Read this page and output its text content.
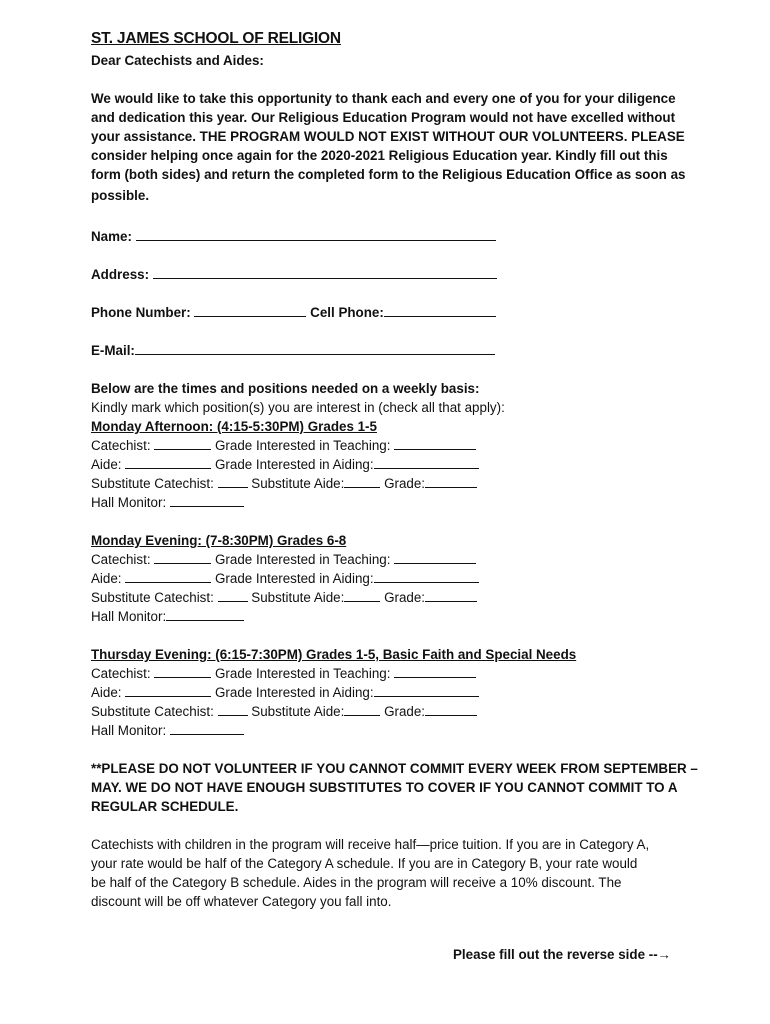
ST. JAMES SCHOOL OF RELIGION
Dear Catechists and Aides:
We would like to take this opportunity to thank each and every one of you for your diligence
and dedication this year. Our Religious Education Program would not have excelled without
your assistance. THE PROGRAM WOULD NOT EXIST WITHOUT OUR VOLUNTEERS. PLEASE
consider helping once again for the 2020-2021 Religious Education year. Kindly fill out this
form (both sides) and return the completed form to the Religious Education Office as soon as
possible.
Name:
Address:
Phone Number:	Cell Phone:
E-Mail:
Below are the times and positions needed on a weekly basis:
Kindly mark which position(s) you are interest in (check all that apply):
Monday Afternoon: (4:15-5:30PM) Grades 1-5
Catechist:	Grade Interested in Teaching:
Aide:	Grade Interested in Aiding:
Substitute Catechist:	Substitute Aide:	Grade:
Hall Monitor:
Monday Evening: (7-8:30PM) Grades 6-8
Catechist:	Grade Interested in Teaching:
Aide:	Grade Interested in Aiding:
Substitute Catechist:	Substitute Aide:	Grade:
Hall Monitor:
Thursday Evening: (6:15-7:30PM) Grades 1-5, Basic Faith and Special Needs
Catechist:	Grade Interested in Teaching:
Aide:	Grade Interested in Aiding:
Substitute Catechist:	Substitute Aide:	Grade:
Hall Monitor:
**PLEASE DO NOT VOLUNTEER IF YOU CANNOT COMMIT EVERY WEEK FROM SEPTEMBER –
MAY. WE DO NOT HAVE ENOUGH SUBSTITUTES TO COVER IF YOU CANNOT COMMIT TO A
REGULAR SCHEDULE.
Catechists with children in the program will receive half—price tuition. If you are in Category A,
your rate would be half of the Category A schedule. If you are in Category B, your rate would
be half of the Category B schedule. Aides in the program will receive a 10% discount. The
discount will be off whatever Category you fall into.
Please fill out the reverse side --→
